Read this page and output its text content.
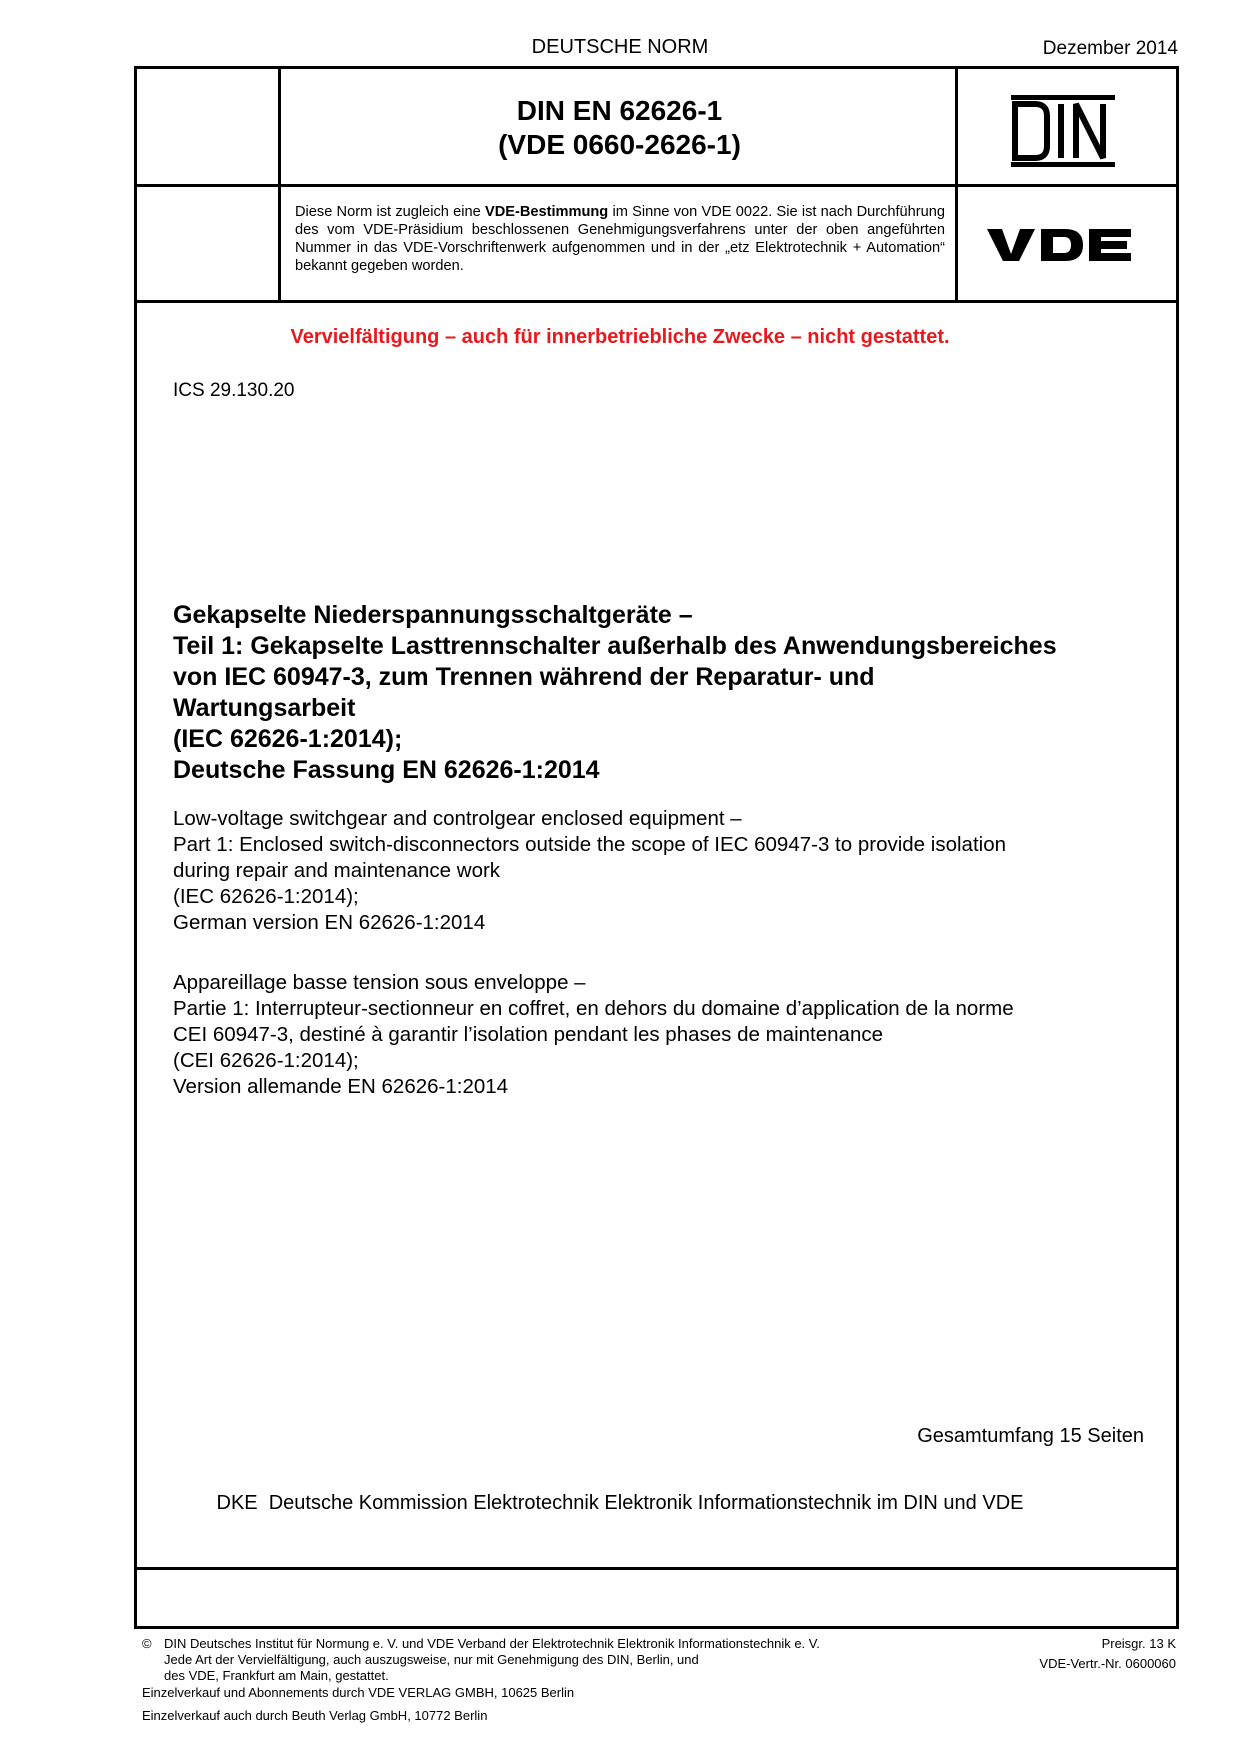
DEUTSCHE NORM	Dezember 2014
DIN EN 62626-1
(VDE 0660-2626-1)
Diese Norm ist zugleich eine VDE-Bestimmung im Sinne von VDE 0022. Sie ist nach Durchführung des vom VDE-Präsidium beschlossenen Genehmigungsverfahrens unter der oben angeführten Nummer in das VDE-Vorschriftenwerk aufgenommen und in der „etz Elektrotechnik + Automation“ bekannt gegeben worden.
Vervielfältigung – auch für innerbetriebliche Zwecke – nicht gestattet.
ICS 29.130.20
Gekapselte Niederspannungsschaltgeräte –
Teil 1: Gekapselte Lasttrennschalter außerhalb des Anwendungsbereiches
von IEC 60947-3, zum Trennen während der Reparatur- und
Wartungsarbeit
(IEC 62626-1:2014);
Deutsche Fassung EN 62626-1:2014
Low-voltage switchgear and controlgear enclosed equipment –
Part 1: Enclosed switch-disconnectors outside the scope of IEC 60947-3 to provide isolation
during repair and maintenance work
(IEC 62626-1:2014);
German version EN 62626-1:2014
Appareillage basse tension sous enveloppe –
Partie 1: Interrupteur-sectionneur en coffret, en dehors du domaine d’application de la norme
CEI 60947-3, destiné à garantir l’isolation pendant les phases de maintenance
(CEI 62626-1:2014);
Version allemande EN 62626-1:2014
Gesamtumfang 15 Seiten
DKE  Deutsche Kommission Elektrotechnik Elektronik Informationstechnik im DIN und VDE
© DIN Deutsches Institut für Normung e. V. und VDE Verband der Elektrotechnik Elektronik Informationstechnik e. V.
Jede Art der Vervielfältigung, auch auszugsweise, nur mit Genehmigung des DIN, Berlin, und
des VDE, Frankfurt am Main, gestattet.
Preisgr. 13 K
VDE-Vertr.-Nr. 0600060
Einzelverkauf und Abonnements durch VDE VERLAG GMBH, 10625 Berlin
Einzelverkauf auch durch Beuth Verlag GmbH, 10772 Berlin
